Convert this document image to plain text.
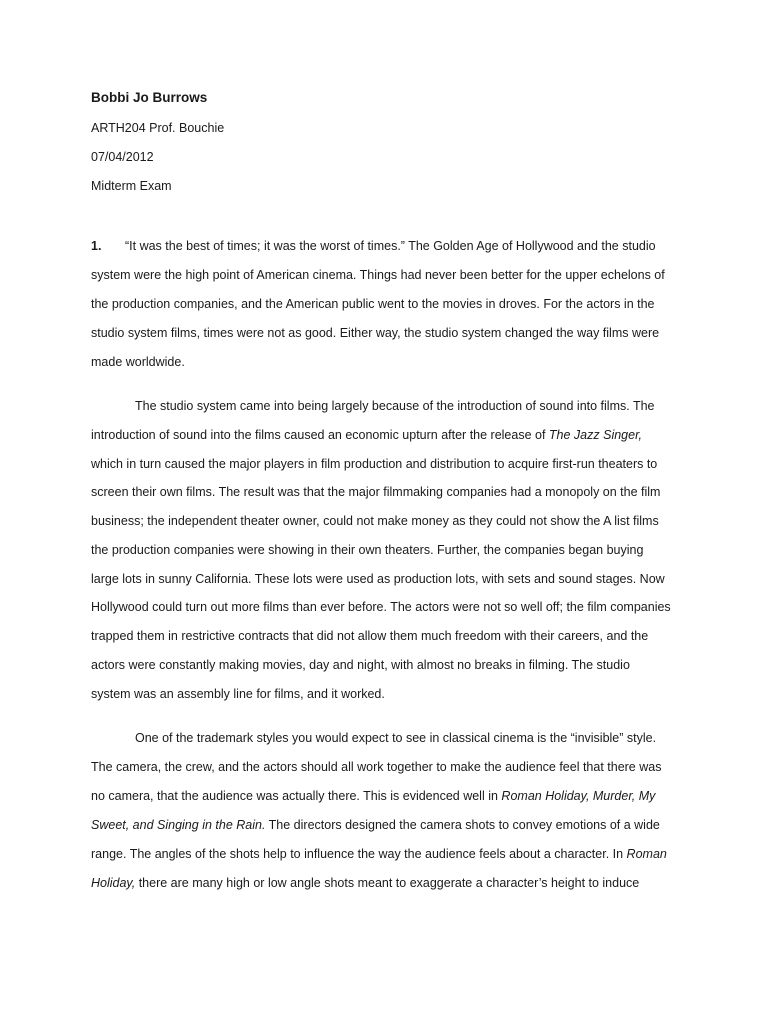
Bobbi Jo Burrows
ARTH204 Prof. Bouchie
07/04/2012
Midterm Exam
1. “It was the best of times; it was the worst of times.” The Golden Age of Hollywood and the studio
system were the high point of American cinema. Things had never been better for the upper echelons of
the production companies, and the American public went to the movies in droves. For the actors in the
studio system films, times were not as good. Either way, the studio system changed the way films were
made worldwide.
The studio system came into being largely because of the introduction of sound into films. The
introduction of sound into the films caused an economic upturn after the release of The Jazz Singer,
which in turn caused the major players in film production and distribution to acquire first-run theaters to
screen their own films. The result was that the major filmmaking companies had a monopoly on the film
business; the independent theater owner, could not make money as they could not show the A list films
the production companies were showing in their own theaters. Further, the companies began buying
large lots in sunny California. These lots were used as production lots, with sets and sound stages. Now
Hollywood could turn out more films than ever before. The actors were not so well off; the film companies
trapped them in restrictive contracts that did not allow them much freedom with their careers, and the
actors were constantly making movies, day and night, with almost no breaks in filming. The studio
system was an assembly line for films, and it worked.
One of the trademark styles you would expect to see in classical cinema is the “invisible” style.
The camera, the crew, and the actors should all work together to make the audience feel that there was
no camera, that the audience was actually there. This is evidenced well in Roman Holiday, Murder, My
Sweet, and Singing in the Rain. The directors designed the camera shots to convey emotions of a wide
range. The angles of the shots help to influence the way the audience feels about a character. In Roman
Holiday, there are many high or low angle shots meant to exaggerate a character’s height to induce
